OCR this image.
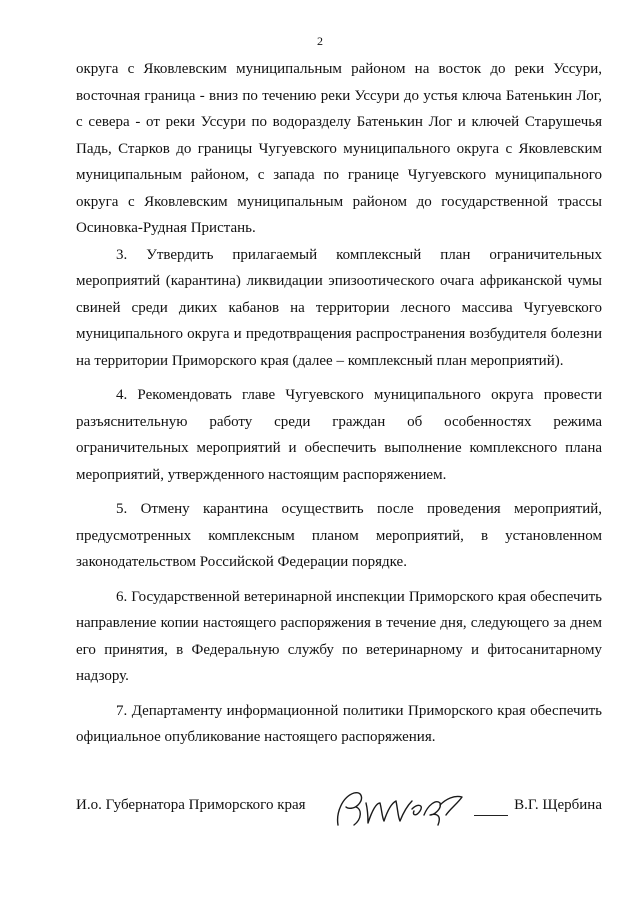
2

округа с Яковлевским муниципальным районом на восток до реки Уссури, восточная граница - вниз по течению реки Уссури до устья ключа Батенькин Лог, с севера - от реки Уссури по водоразделу Батенькин Лог и ключей Старушечья Падь, Старков до границы Чугуевского муниципального округа с Яковлевским муниципальным районом, с запада по границе Чугуевского муниципального округа с Яковлевским муниципальным районом до государственной трассы Осиновка-Рудная Пристань.

3. Утвердить прилагаемый комплексный план ограничительных мероприятий (карантина) ликвидации эпизоотического очага африканской чумы свиней среди диких кабанов на территории лесного массива Чугуевского муниципального округа и предотвращения распространения возбудителя болезни на территории Приморского края (далее – комплексный план мероприятий).

4. Рекомендовать главе Чугуевского муниципального округа провести разъяснительную работу среди граждан об особенностях режима ограничительных мероприятий и обеспечить выполнение комплексного плана мероприятий, утвержденного настоящим распоряжением.

5. Отмену карантина осуществить после проведения мероприятий, предусмотренных комплексным планом мероприятий, в установленном законодательством Российской Федерации порядке.

6. Государственной ветеринарной инспекции Приморского края обеспечить направление копии настоящего распоряжения в течение дня, следующего за днем его принятия, в Федеральную службу по ветеринарному и фитосанитарному надзору.

7. Департаменту информационной политики Приморского края обеспечить официальное опубликование настоящего распоряжения.

И.о. Губернатора Приморского края	В.Г. Щербина
